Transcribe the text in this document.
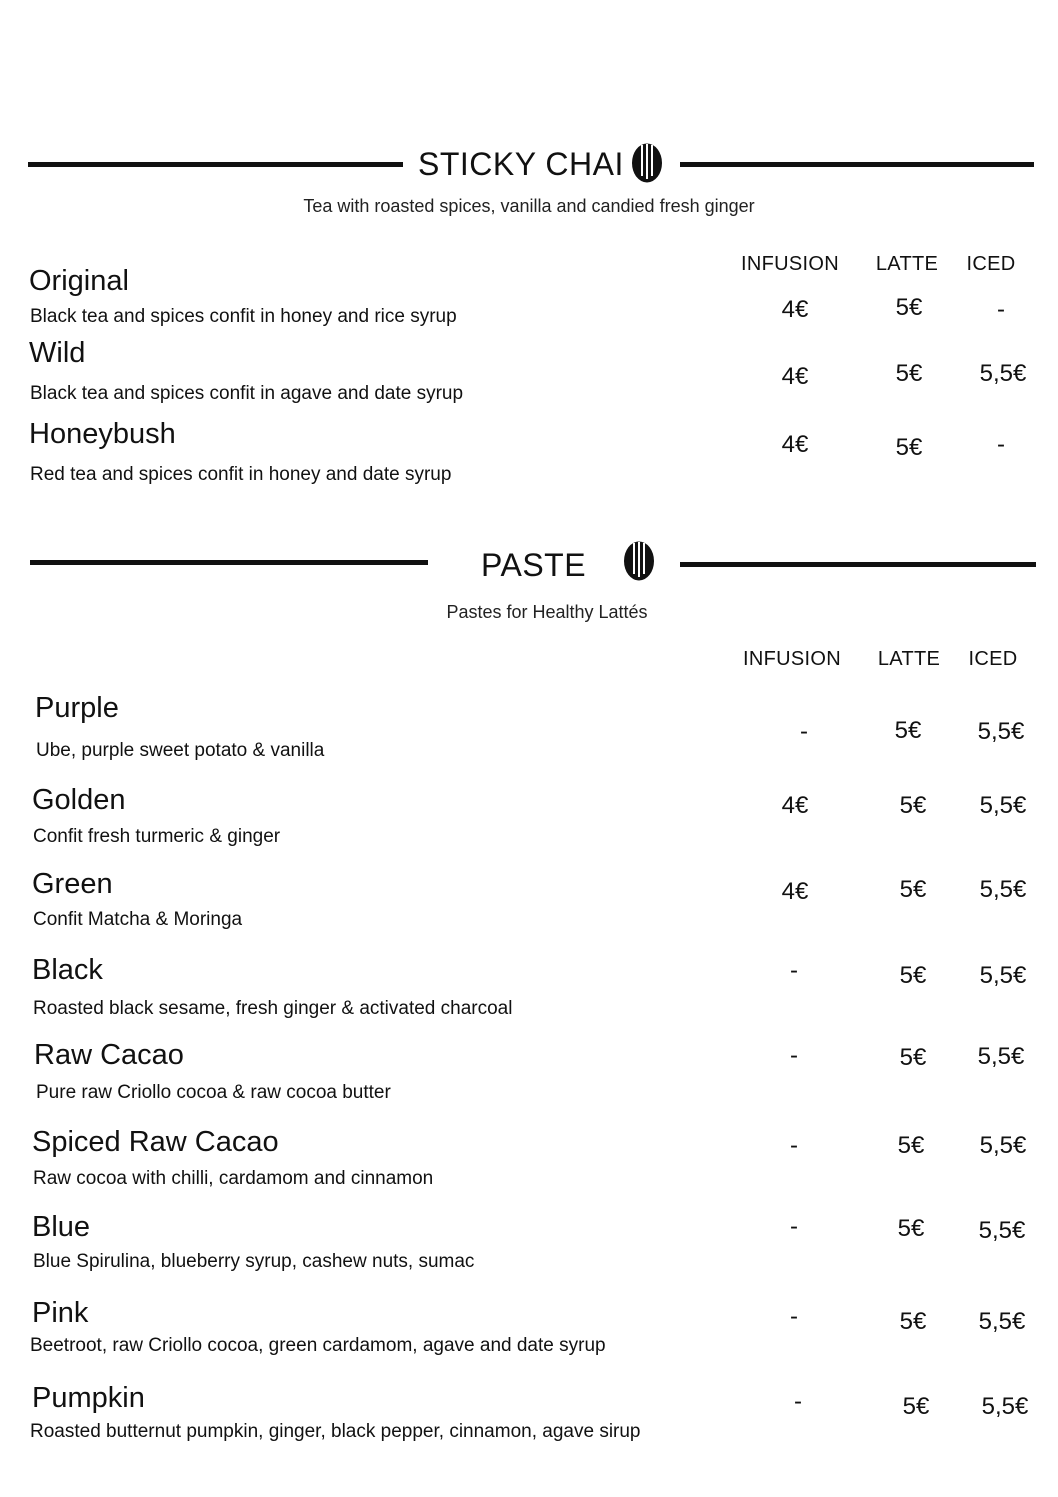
STICKY CHAI
Tea with roasted spices, vanilla and candied fresh ginger
INFUSION	LATTE	ICED
Original
Black tea and spices confit in honey and rice syrup	4€	5€	-
Wild
Black tea and spices confit in agave and date syrup
4€	5€	5,5€
Honeybush
Red tea and spices confit in honey and date syrup
4€	5€	-
PASTE
Pastes for Healthy Lattés
INFUSION	LATTE	ICED
Purple
Ube, purple sweet potato & vanilla
-	5€	5,5€
Golden
Confit fresh turmeric & ginger
4€	5€	5,5€
Green
Confit Matcha & Moringa
4€	5€	5,5€
Black
Roasted black sesame, fresh ginger & activated charcoal
-	5€	5,5€
Raw Cacao
Pure raw Criollo cocoa & raw cocoa butter
-	5€	5,5€
Spiced Raw Cacao
Raw cocoa with chilli, cardamom and cinnamon
-	5€	5,5€
Blue
Blue Spirulina, blueberry syrup, cashew nuts, sumac
-	5€	5,5€
Pink
Beetroot, raw Criollo cocoa, green cardamom, agave and date syrup
-	5€	5,5€
Pumpkin
Roasted butternut pumpkin, ginger, black pepper, cinnamon, agave sirup
-	5€	5,5€
